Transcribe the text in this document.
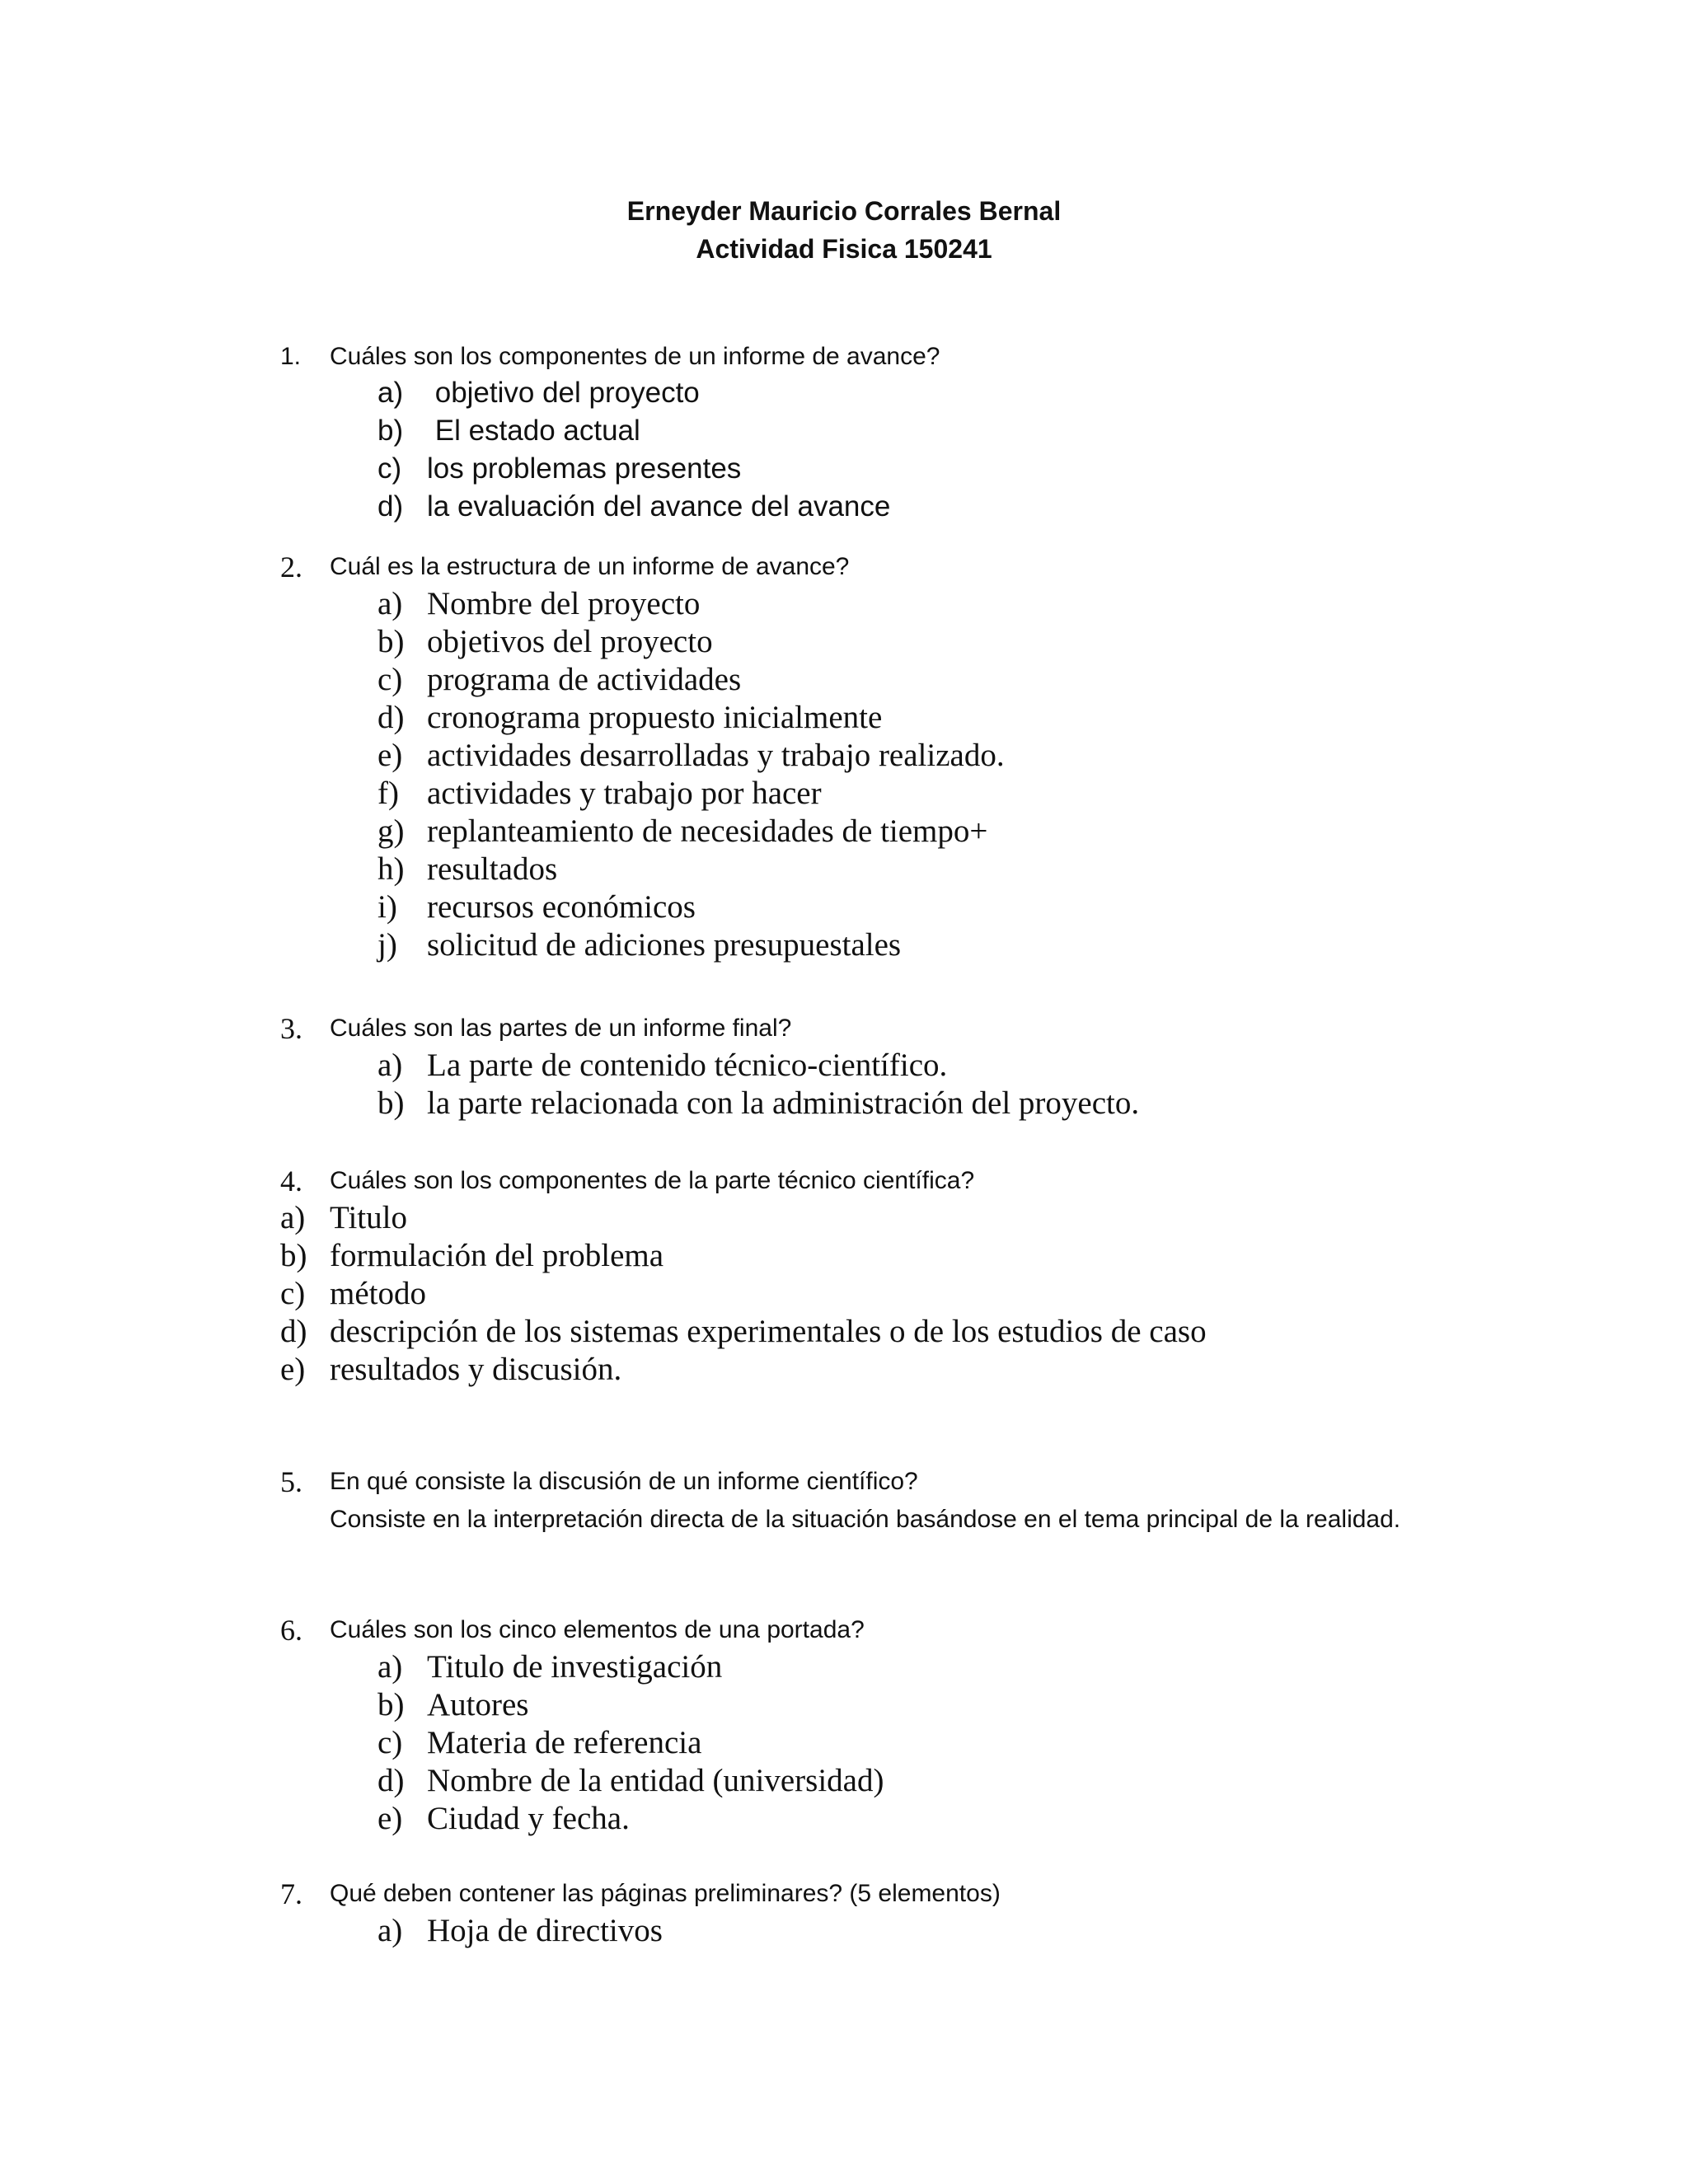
Erneyder Mauricio Corrales Bernal
Actividad Fisica 150241
1. Cuáles son los componentes de un informe de avance?
a) objetivo del proyecto
b) El estado actual
c) los problemas presentes
d) la evaluación del avance del avance
2. Cuál es la estructura de un informe de avance?
a) Nombre del proyecto
b) objetivos del proyecto
c) programa de actividades
d) cronograma propuesto inicialmente
e) actividades desarrolladas y trabajo realizado.
f) actividades y trabajo por hacer
g) replanteamiento de necesidades de tiempo+
h) resultados
i) recursos económicos
j) solicitud de adiciones presupuestales
3. Cuáles son las partes de un informe final?
a) La parte de contenido técnico-científico.
b) la parte relacionada con la administración del proyecto.
4. Cuáles son los componentes de la parte técnico científica?
a) Titulo
b) formulación del problema
c) método
d) descripción de los sistemas experimentales o de los estudios de caso
e) resultados y discusión.
5. En qué consiste la discusión de un informe científico?
Consiste en la interpretación directa de la situación basándose en el tema principal de la realidad.
6. Cuáles son los cinco elementos de una portada?
a) Titulo de investigación
b) Autores
c) Materia de referencia
d) Nombre de la entidad (universidad)
e) Ciudad y fecha.
7. Qué deben contener las páginas preliminares? (5 elementos)
a) Hoja de directivos
